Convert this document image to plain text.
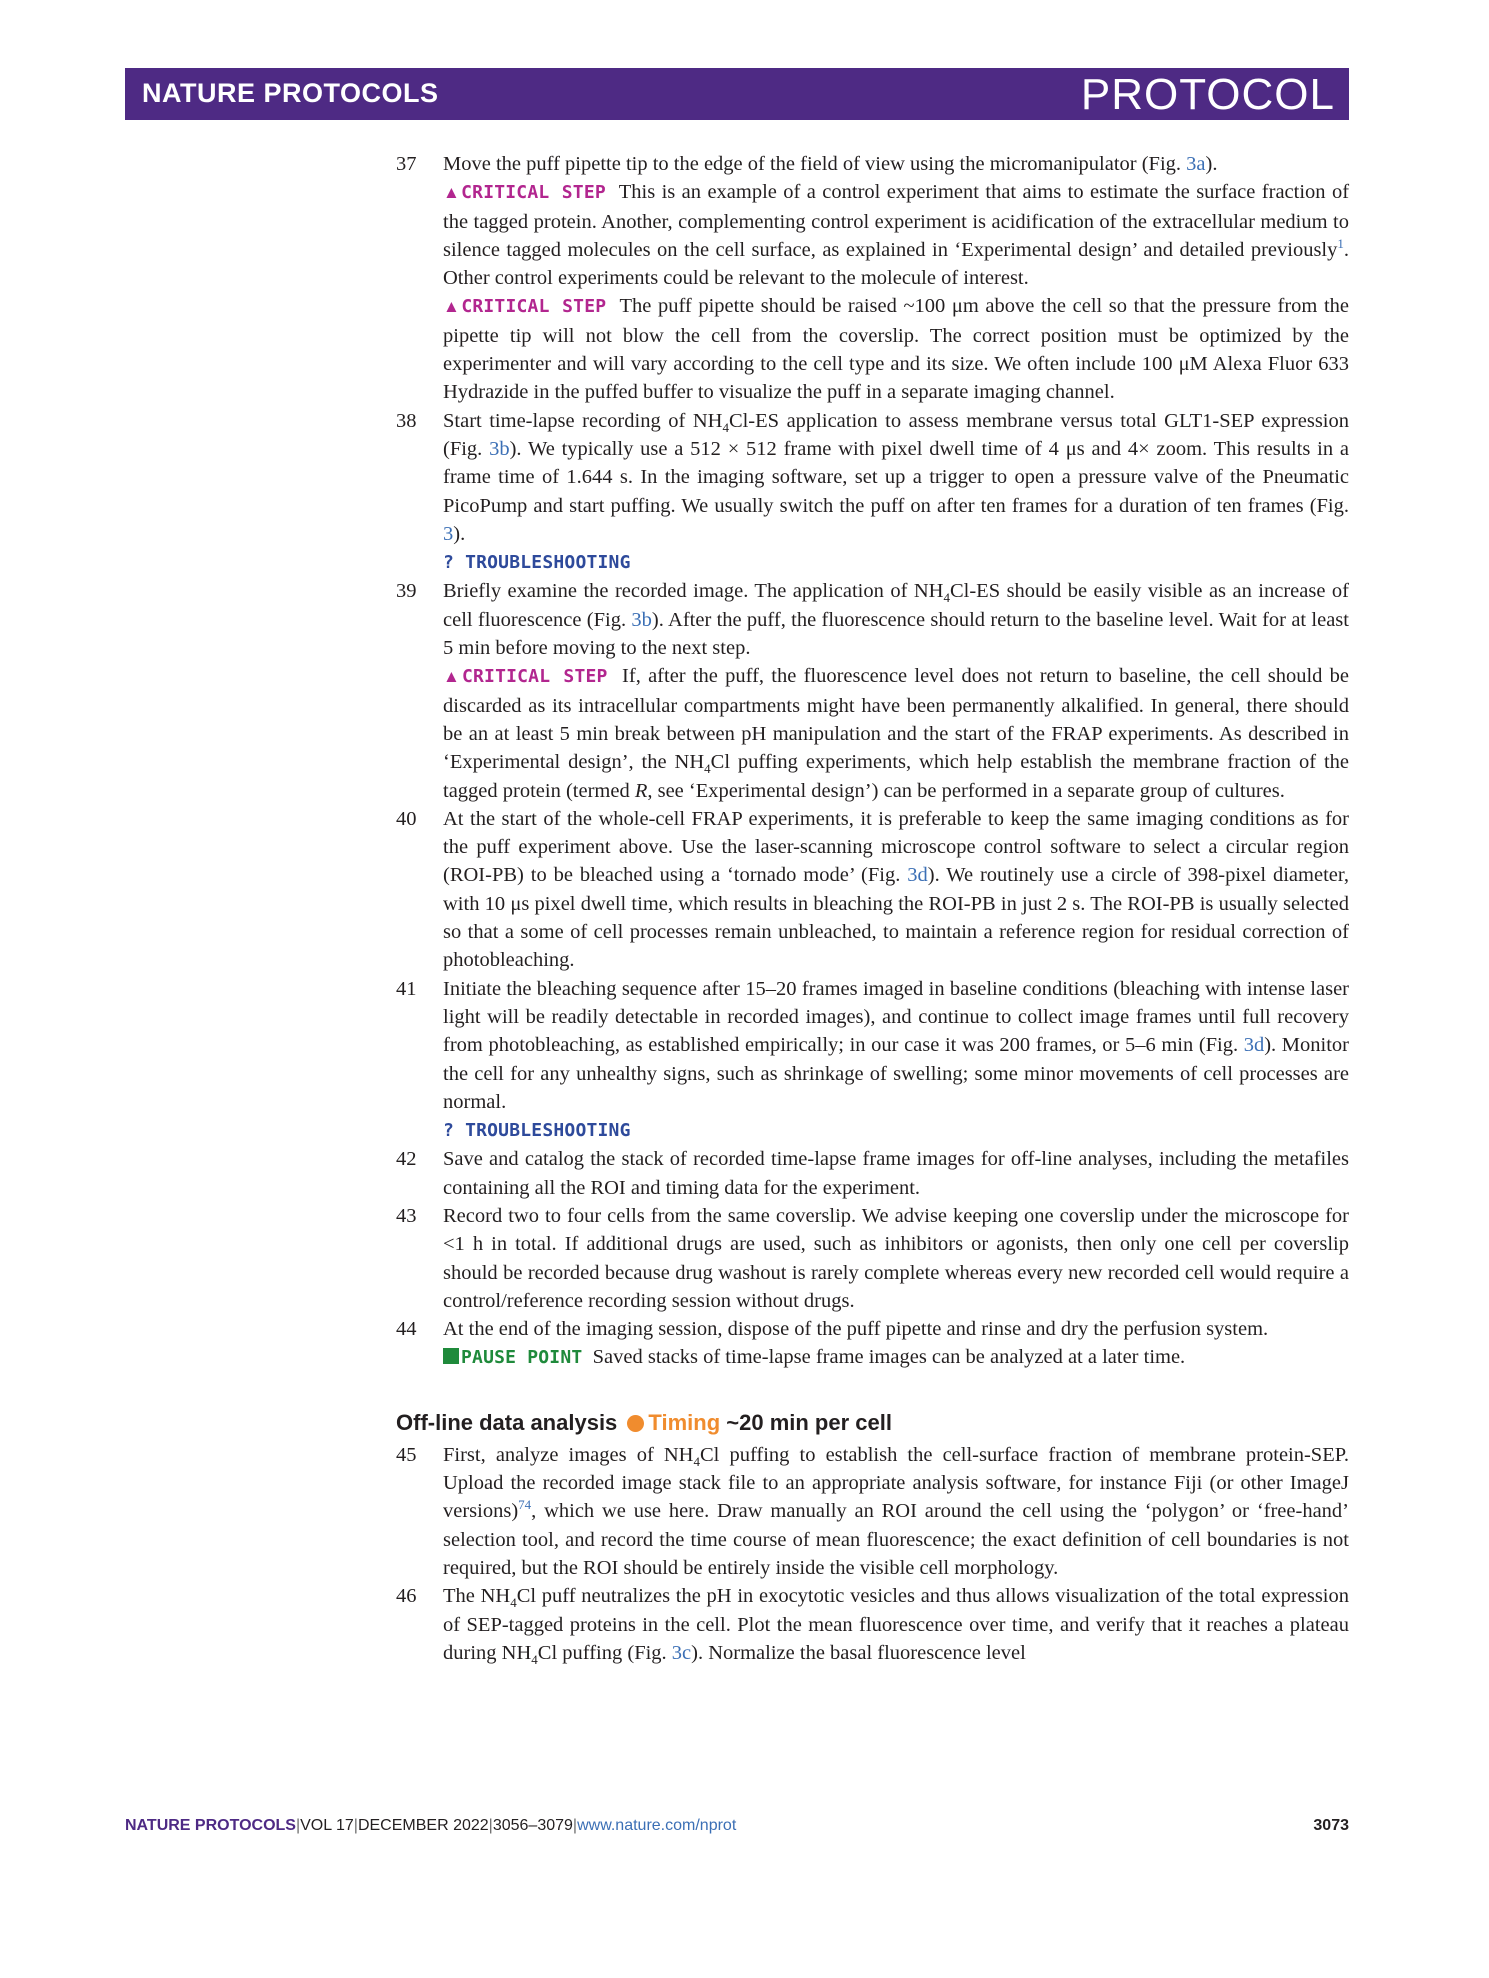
NATURE PROTOCOLS	PROTOCOL
37	Move the puff pipette tip to the edge of the field of view using the micromanipulator (Fig. 3a).

▲CRITICAL STEP This is an example of a control experiment that aims to estimate the surface fraction of the tagged protein. Another, complementing control experiment is acidification of the extracellular medium to silence tagged molecules on the cell surface, as explained in ‘Experimental design’ and detailed previously$^1$. Other control experiments could be relevant to the molecule of interest.

▲CRITICAL STEP The puff pipette should be raised ~100 μm above the cell so that the pressure from the pipette tip will not blow the cell from the coverslip. The correct position must be optimized by the experimenter and will vary according to the cell type and its size. We often include 100 μM Alexa Fluor 633 Hydrazide in the puffed buffer to visualize the puff in a separate imaging channel.

38	Start time-lapse recording of $NH_4Cl-ES$ application to assess membrane versus total GLT1-SEP expression (Fig. 3b). We typically use a 512 × 512 frame with pixel dwell time of 4 μs and 4× zoom. This results in a frame time of 1.644 s. In the imaging software, set up a trigger to open a pressure valve of the Pneumatic PicoPump and start puffing. We usually switch the puff on after ten frames for a duration of ten frames (Fig. 3).

? TROUBLESHOOTING

39	Briefly examine the recorded image. The application of $NH_4Cl-ES$ should be easily visible as an increase of cell fluorescence (Fig. 3b). After the puff, the fluorescence should return to the baseline level. Wait for at least 5 min before moving to the next step.

▲CRITICAL STEP If, after the puff, the fluorescence level does not return to baseline, the cell should be discarded as its intracellular compartments might have been permanently alkalified. In general, there should be an at least 5 min break between pH manipulation and the start of the FRAP experiments. As described in ‘Experimental design’, the $NH_4Cl$ puffing experiments, which help establish the membrane fraction of the tagged protein (termed R, see ‘Experimental design’) can be performed in a separate group of cultures.

40	At the start of the whole-cell FRAP experiments, it is preferable to keep the same imaging conditions as for the puff experiment above. Use the laser-scanning microscope control software to select a circular region (ROI-PB) to be bleached using a ‘tornado mode’ (Fig. 3d). We routinely use a circle of 398-pixel diameter, with 10 μs pixel dwell time, which results in bleaching the ROI-PB in just 2 s. The ROI-PB is usually selected so that a some of cell processes remain unbleached, to maintain a reference region for residual correction of photobleaching.

41	Initiate the bleaching sequence after 15–20 frames imaged in baseline conditions (bleaching with intense laser light will be readily detectable in recorded images), and continue to collect image frames until full recovery from photobleaching, as established empirically; in our case it was 200 frames, or 5–6 min (Fig. 3d). Monitor the cell for any unhealthy signs, such as shrinkage of swelling; some minor movements of cell processes are normal.

? TROUBLESHOOTING

42	Save and catalog the stack of recorded time-lapse frame images for off-line analyses, including the metafiles containing all the ROI and timing data for the experiment.

43	Record two to four cells from the same coverslip. We advise keeping one coverslip under the microscope for <1 h in total. If additional drugs are used, such as inhibitors or agonists, then only one cell per coverslip should be recorded because drug washout is rarely complete whereas every new recorded cell would require a control/reference recording session without drugs.

44	At the end of the imaging session, dispose of the puff pipette and rinse and dry the perfusion system.

PAUSE POINT Saved stacks of time-lapse frame images can be analyzed at a later time.

Off-line data analysis Timing ~20 min per cell
45	First, analyze images of $NH_4Cl$ puffing to establish the cell-surface fraction of membrane protein-SEP. Upload the recorded image stack file to an appropriate analysis software, for instance Fiji (or other ImageJ versions)$^{74}$, which we use here. Draw manually an ROI around the cell using the ‘polygon’ or ‘free-hand’ selection tool, and record the time course of mean fluorescence; the exact definition of cell boundaries is not required, but the ROI should be entirely inside the visible cell morphology.

46	The $NH_4Cl$ puff neutralizes the pH in exocytotic vesicles and thus allows visualization of the total expression of SEP-tagged proteins in the cell. Plot the mean fluorescence over time, and verify that it reaches a plateau during $NH_4Cl$ puffing (Fig. 3c). Normalize the basal fluorescence level

NATURE PROTOCOLS|VOL 17|DECEMBER 2022|3056–3079|www.nature.com/nprot	3073
